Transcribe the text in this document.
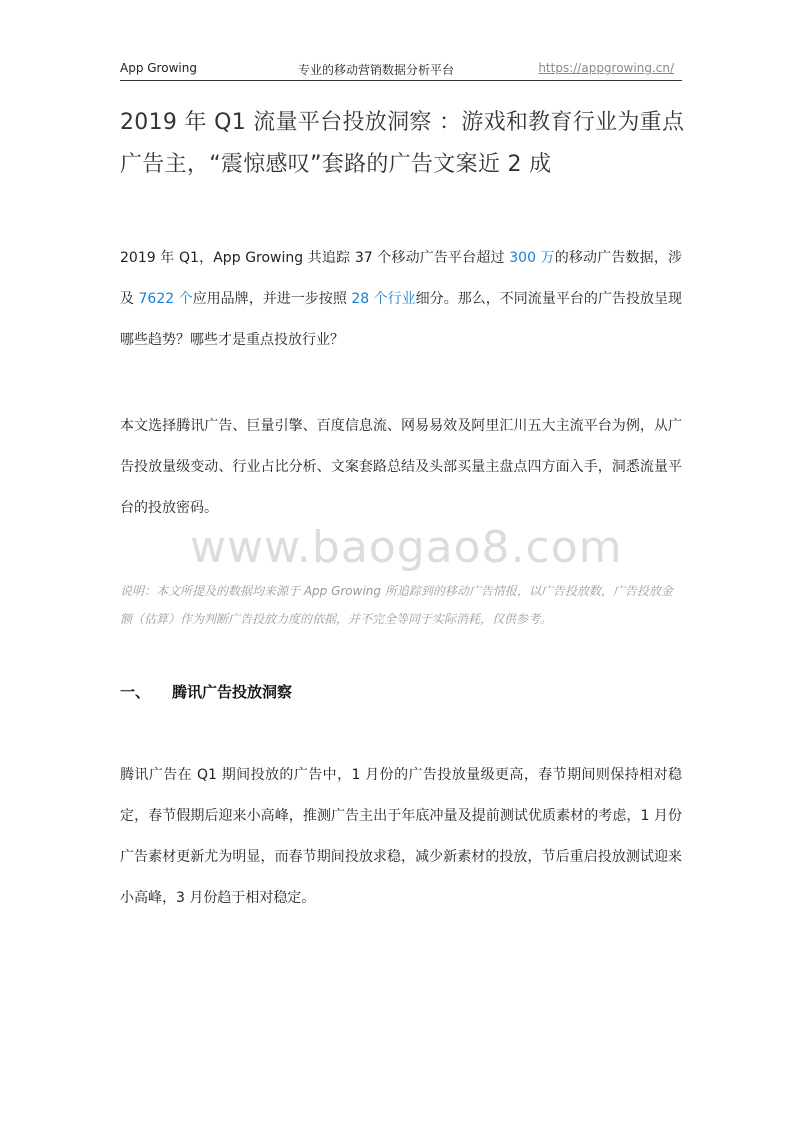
App Growing	专业的移动营销数据分析平台	https://appgrowing.cn/
2019 年 Q1 流量平台投放洞察 ：游戏和教育行业为重点广告主，“震惊感叹”套路的广告文案近 2 成

2019 年 Q1，App Growing 共追踪 37 个移动广告平台超过 300 万的移动广告数据，涉及 7622 个应用品牌，并进一步按照 28 个行业细分。那么，不同流量平台的广告投放呈现哪些趋势？哪些才是重点投放行业？

本文选择腾讯广告、巨量引擎、百度信息流、网易易效及阿里汇川五大主流平台为例，从广告投放量级变动、行业占比分析、文案套路总结及头部买量主盘点四方面入手，洞悉流量平台的投放密码。

www.baogao8.com

说明：本文所提及的数据均来源于 App Growing 所追踪到的移动广告情报，以广告投放数，广告投放金额（估算）作为判断广告投放力度的依据，并不完全等同于实际消耗，仅供参考。

一、 腾讯广告投放洞察

腾讯广告在 Q1 期间投放的广告中，1 月份的广告投放量级更高，春节期间则保持相对稳定，春节假期后迎来小高峰，推测广告主出于年底冲量及提前测试优质素材的考虑，1 月份广告素材更新尤为明显，而春节期间投放求稳，减少新素材的投放，节后重启投放测试迎来小高峰，3 月份趋于相对稳定。
